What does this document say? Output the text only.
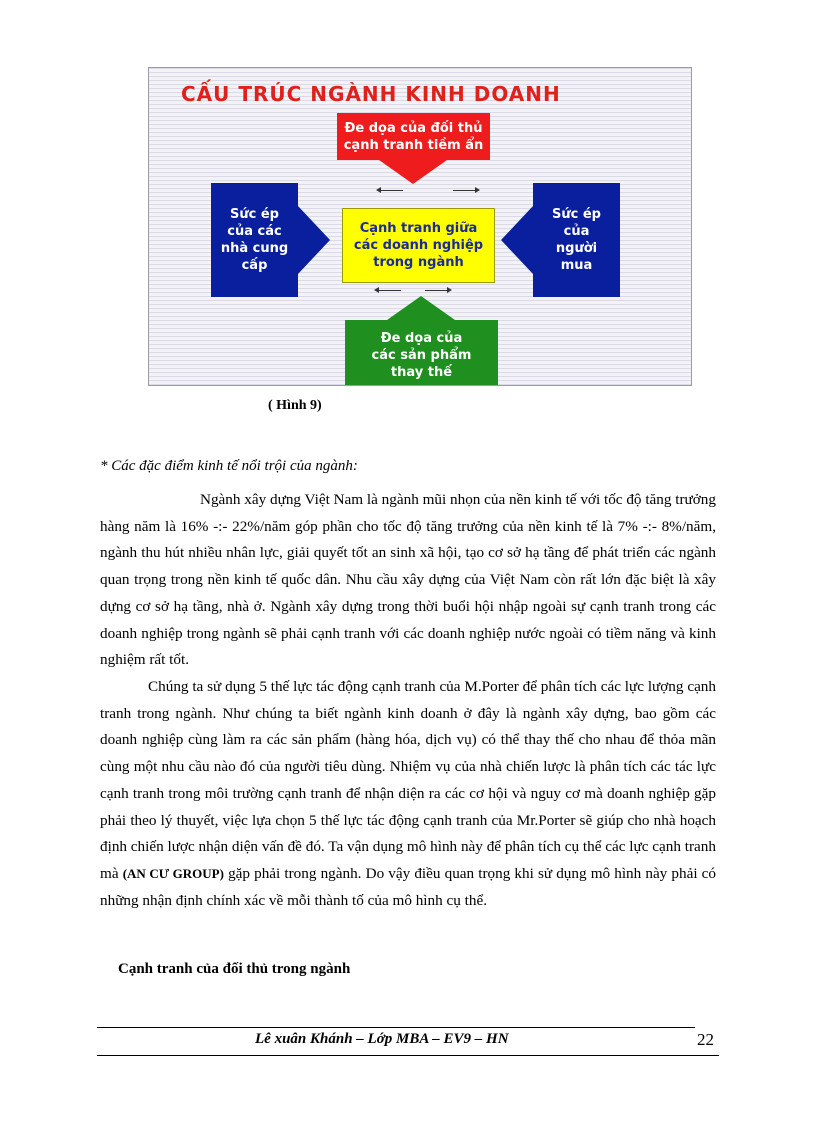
CẤU TRÚC NGÀNH KINH DOANH
Đe dọa của đối thủ
cạnh tranh tiềm ẩn
Sức ép
của các
nhà cung
cấp
Cạnh tranh giữa
các doanh nghiệp
trong ngành
Sức ép
của
người
mua
Đe dọa của
các sản phẩm
thay thế
( Hình 9)
* Các đặc điểm kinh tế nổi trội của ngành:

Ngành xây dựng Việt Nam là ngành mũi nhọn của nền kinh tế với tốc độ tăng trưởng hàng năm là 16% -:- 22%/năm góp phần cho tốc độ tăng trưởng của nền kinh tế là 7% -:- 8%/năm, ngành thu hút nhiều nhân lực, giải quyết tốt an sinh xã hội, tạo cơ sở hạ tầng để phát triển các ngành quan trọng trong nền kinh tế quốc dân. Nhu cầu xây dựng của Việt Nam còn rất lớn đặc biệt là xây dựng cơ sở hạ tầng, nhà ở. Ngành xây dựng trong thời buổi hội nhập ngoài sự cạnh tranh trong các doanh nghiệp trong ngành sẽ phải cạnh tranh với các doanh nghiệp nước ngoài có tiềm năng và kinh nghiệm rất tốt.

Chúng ta sử dụng 5 thế lực tác động cạnh tranh của M.Porter để phân tích các lực lượng cạnh tranh trong ngành. Như chúng ta biết ngành kinh doanh ở đây là ngành xây dựng, bao gồm các doanh nghiệp cùng làm ra các sản phẩm (hàng hóa, dịch vụ) có thể thay thế cho nhau để thỏa mãn cùng một nhu cầu nào đó của người tiêu dùng. Nhiệm vụ của nhà chiến lược là phân tích các tác lực cạnh tranh trong môi trường cạnh tranh để nhận diện ra các cơ hội và nguy cơ mà doanh nghiệp gặp phải theo lý thuyết, việc lựa chọn 5 thế lực tác động cạnh tranh của Mr.Porter sẽ giúp cho nhà hoạch định chiến lược nhận diện vấn đề đó. Ta vận dụng mô hình này để phân tích cụ thể các lực cạnh tranh mà (AN CƯ GROUP) gặp phải trong ngành. Do vậy điều quan trọng khi sử dụng mô hình này phải có những nhận định chính xác về mỗi thành tố của mô hình cụ thể.

Cạnh tranh của đối thủ trong ngành
Lê xuân Khánh – Lớp MBA – EV9 – HN	22
